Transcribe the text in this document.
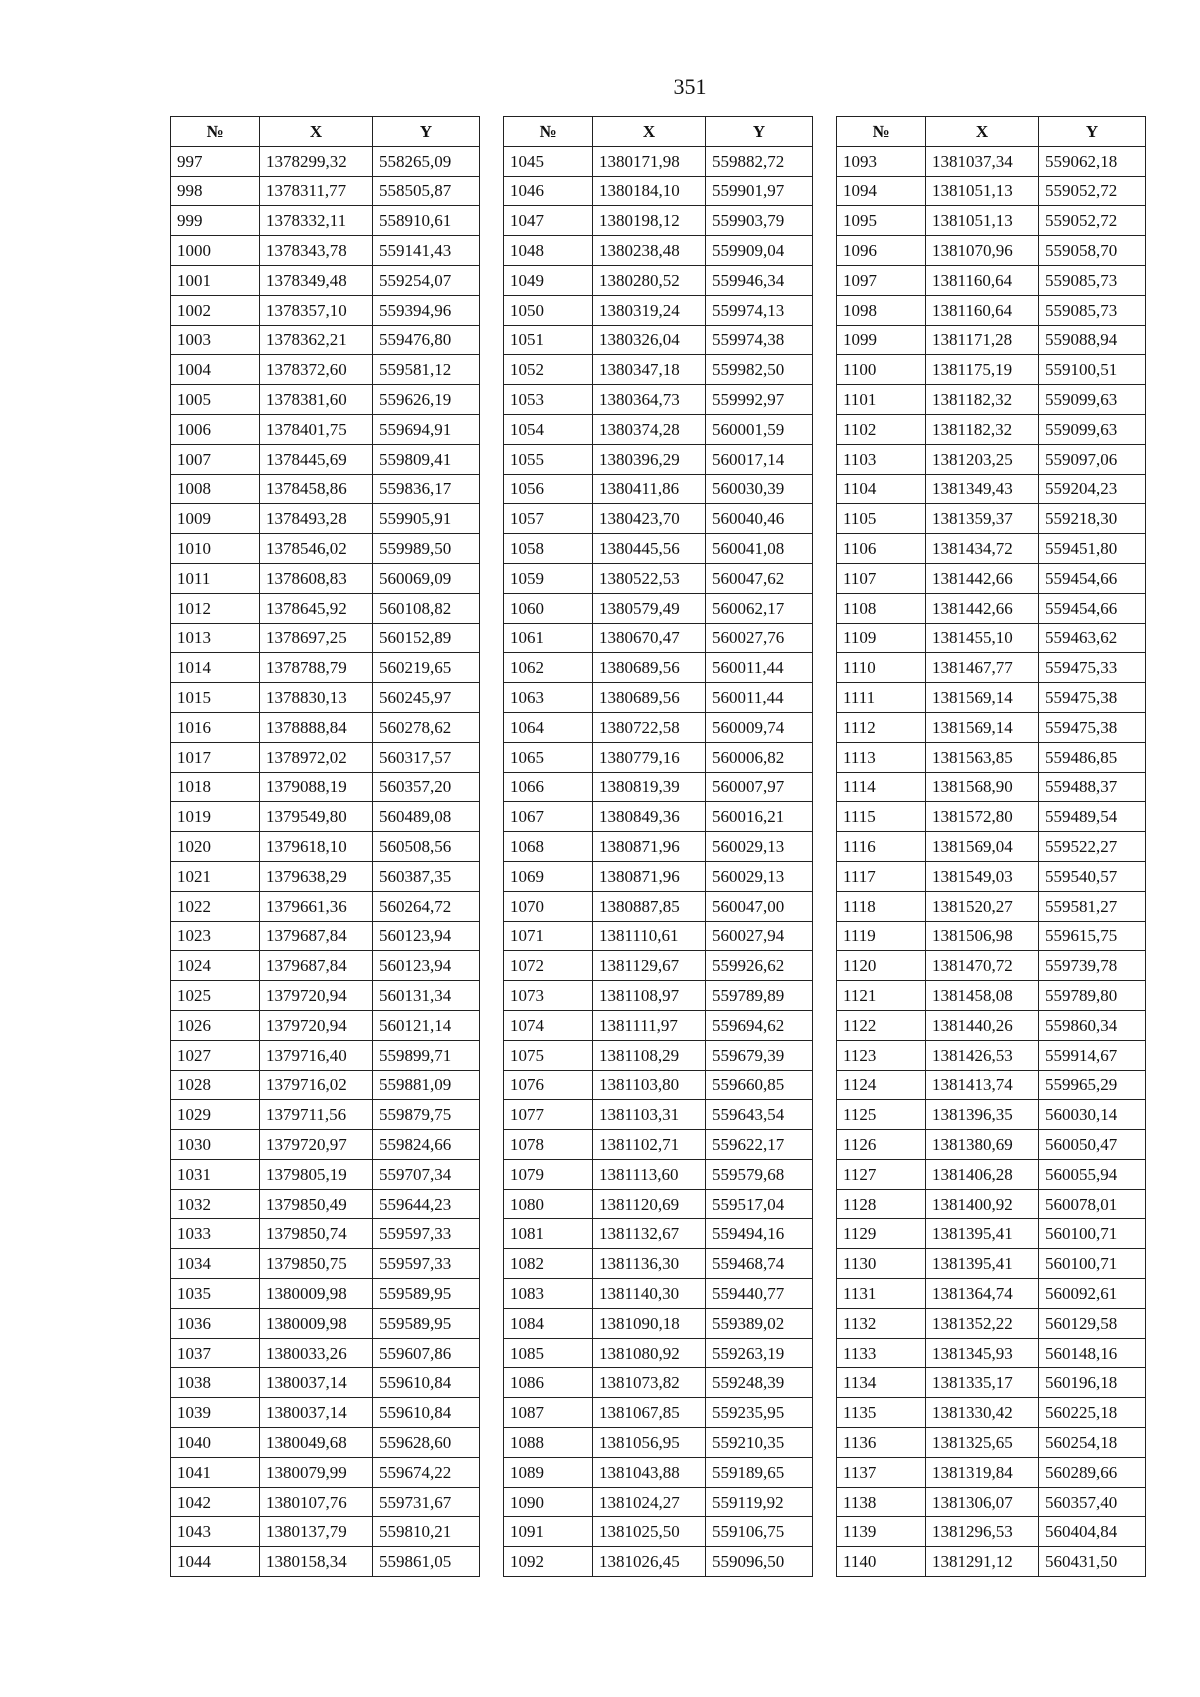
351
№	X	Y
997	1378299,32	558265,09
998	1378311,77	558505,87
999	1378332,11	558910,61
1000	1378343,78	559141,43
1001	1378349,48	559254,07
1002	1378357,10	559394,96
1003	1378362,21	559476,80
1004	1378372,60	559581,12
1005	1378381,60	559626,19
1006	1378401,75	559694,91
1007	1378445,69	559809,41
1008	1378458,86	559836,17
1009	1378493,28	559905,91
1010	1378546,02	559989,50
1011	1378608,83	560069,09
1012	1378645,92	560108,82
1013	1378697,25	560152,89
1014	1378788,79	560219,65
1015	1378830,13	560245,97
1016	1378888,84	560278,62
1017	1378972,02	560317,57
1018	1379088,19	560357,20
1019	1379549,80	560489,08
1020	1379618,10	560508,56
1021	1379638,29	560387,35
1022	1379661,36	560264,72
1023	1379687,84	560123,94
1024	1379687,84	560123,94
1025	1379720,94	560131,34
1026	1379720,94	560121,14
1027	1379716,40	559899,71
1028	1379716,02	559881,09
1029	1379711,56	559879,75
1030	1379720,97	559824,66
1031	1379805,19	559707,34
1032	1379850,49	559644,23
1033	1379850,74	559597,33
1034	1379850,75	559597,33
1035	1380009,98	559589,95
1036	1380009,98	559589,95
1037	1380033,26	559607,86
1038	1380037,14	559610,84
1039	1380037,14	559610,84
1040	1380049,68	559628,60
1041	1380079,99	559674,22
1042	1380107,76	559731,67
1043	1380137,79	559810,21
1044	1380158,34	559861,05
№	X	Y
1045	1380171,98	559882,72
1046	1380184,10	559901,97
1047	1380198,12	559903,79
1048	1380238,48	559909,04
1049	1380280,52	559946,34
1050	1380319,24	559974,13
1051	1380326,04	559974,38
1052	1380347,18	559982,50
1053	1380364,73	559992,97
1054	1380374,28	560001,59
1055	1380396,29	560017,14
1056	1380411,86	560030,39
1057	1380423,70	560040,46
1058	1380445,56	560041,08
1059	1380522,53	560047,62
1060	1380579,49	560062,17
1061	1380670,47	560027,76
1062	1380689,56	560011,44
1063	1380689,56	560011,44
1064	1380722,58	560009,74
1065	1380779,16	560006,82
1066	1380819,39	560007,97
1067	1380849,36	560016,21
1068	1380871,96	560029,13
1069	1380871,96	560029,13
1070	1380887,85	560047,00
1071	1381110,61	560027,94
1072	1381129,67	559926,62
1073	1381108,97	559789,89
1074	1381111,97	559694,62
1075	1381108,29	559679,39
1076	1381103,80	559660,85
1077	1381103,31	559643,54
1078	1381102,71	559622,17
1079	1381113,60	559579,68
1080	1381120,69	559517,04
1081	1381132,67	559494,16
1082	1381136,30	559468,74
1083	1381140,30	559440,77
1084	1381090,18	559389,02
1085	1381080,92	559263,19
1086	1381073,82	559248,39
1087	1381067,85	559235,95
1088	1381056,95	559210,35
1089	1381043,88	559189,65
1090	1381024,27	559119,92
1091	1381025,50	559106,75
1092	1381026,45	559096,50
№	X	Y
1093	1381037,34	559062,18
1094	1381051,13	559052,72
1095	1381051,13	559052,72
1096	1381070,96	559058,70
1097	1381160,64	559085,73
1098	1381160,64	559085,73
1099	1381171,28	559088,94
1100	1381175,19	559100,51
1101	1381182,32	559099,63
1102	1381182,32	559099,63
1103	1381203,25	559097,06
1104	1381349,43	559204,23
1105	1381359,37	559218,30
1106	1381434,72	559451,80
1107	1381442,66	559454,66
1108	1381442,66	559454,66
1109	1381455,10	559463,62
1110	1381467,77	559475,33
1111	1381569,14	559475,38
1112	1381569,14	559475,38
1113	1381563,85	559486,85
1114	1381568,90	559488,37
1115	1381572,80	559489,54
1116	1381569,04	559522,27
1117	1381549,03	559540,57
1118	1381520,27	559581,27
1119	1381506,98	559615,75
1120	1381470,72	559739,78
1121	1381458,08	559789,80
1122	1381440,26	559860,34
1123	1381426,53	559914,67
1124	1381413,74	559965,29
1125	1381396,35	560030,14
1126	1381380,69	560050,47
1127	1381406,28	560055,94
1128	1381400,92	560078,01
1129	1381395,41	560100,71
1130	1381395,41	560100,71
1131	1381364,74	560092,61
1132	1381352,22	560129,58
1133	1381345,93	560148,16
1134	1381335,17	560196,18
1135	1381330,42	560225,18
1136	1381325,65	560254,18
1137	1381319,84	560289,66
1138	1381306,07	560357,40
1139	1381296,53	560404,84
1140	1381291,12	560431,50
